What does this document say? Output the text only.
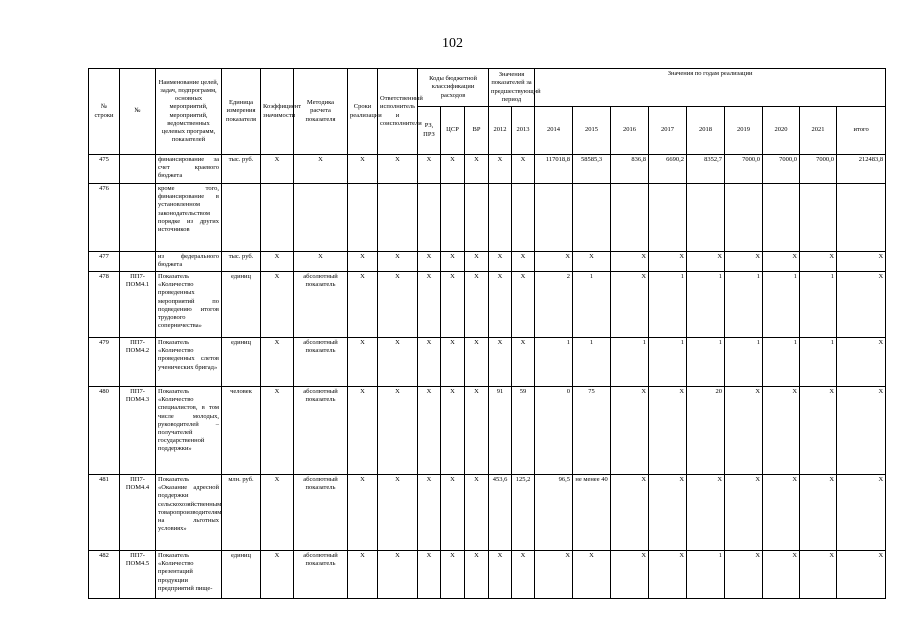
102
№ строки	№	Наименование целей, задач, подпрограмм, основных мероприятий, мероприятий, ведомственных целевых программ, показателей	Единица измерения показателя	Коэффициент значимости	Методика расчета показателя	Сроки реализации	Ответственный исполнитель и соисполнители	Коды бюджетной классификации расходов			Значения показателей за предшествующий период		Значения по годам реализации								
								РЗ, ПРЗ	ЦСР	ВР	2012	2013	2014	2015	2016	2017	2018	2019	2020	2021	итого
475		финансирование за счет краевого бюджета	тыс. руб.	Х	Х	Х	Х	Х	Х	Х	Х	Х	117018,8	58585,3	836,8	6690,2	8352,7	7000,0	7000,0	7000,0	212483,8
476		кроме того, финансирование в установленном законодательством порядке из других источников																			
477		из федерального бюджета	тыс. руб.	Х	Х	Х	Х	Х	Х	Х	Х	Х	Х	Х	Х	Х	Х	Х	Х	Х	Х
478	ПП7-ПОМ4.1	Показатель «Количество проведенных мероприятий по подведению итогов трудового соперничества»	единиц	Х	абсолютный показатель	Х	Х	Х	Х	Х	Х	Х	2	1	Х	1	1	1	1	1	Х
479	ПП7-ПОМ4.2	Показатель «Количество проведенных слетов ученических бригад»	единиц	Х	абсолютный показатель	Х	Х	Х	Х	Х	Х	Х	1	1	1	1	1	1	1	1	Х
480	ПП7-ПОМ4.3	Показатель «Количество специалистов, в том числе молодых, руководителей – получателей государственной поддержки»	человек	Х	абсолютный показатель	Х	Х	Х	Х	Х	91	59	0	75	Х	Х	20	Х	Х	Х	Х
481	ПП7-ПОМ4.4	Показатель «Оказание адресной поддержки сельскохозяйственным товаропроизводителям на льготных условиях»	млн. руб.	Х	абсолютный показатель	Х	Х	Х	Х	Х	453,6	125,2	96,5	не менее 40	Х	Х	Х	Х	Х	Х	Х
482	ПП7-ПОМ4.5	Показатель «Количество презентаций продукции предприятий пище-	единиц	Х	абсолютный показатель	Х	Х	Х	Х	Х	Х	Х	Х	Х	Х	Х	1	Х	Х	Х	Х
